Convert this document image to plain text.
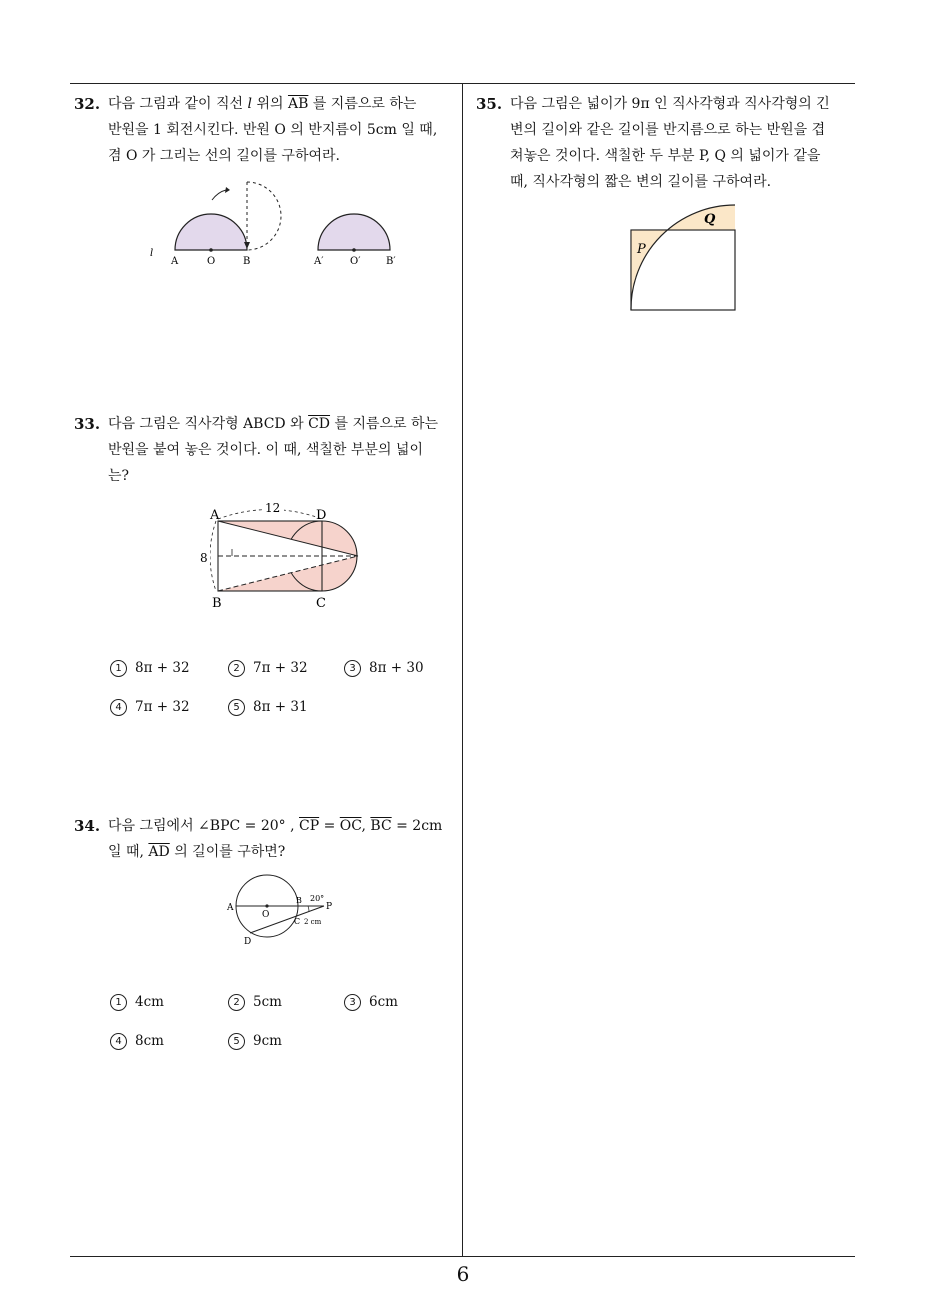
32. 다음 그림과 같이 직선 l 위의 $\overline{AB}$ 를 지름으로 하는
반원을 1 회전시킨다. 반원 O 의 반지름이 5cm 일 때,
겸 O 가 그리는 선의 길이를 구하여라.
l
A	O	B	A′	O′	B′
33. 다음 그림은 직사각형 ABCD 와 $\overline{CD}$ 를 지름으로 하는
반원을 붙여 놓은 것이다. 이 때, 색칠한 부분의 넓이
는?
12
8
A	D
B	C
1 8π + 32	2 7π + 32	3 8π + 30
4 7π + 32	5 8π + 31
34. 다음 그림에서 ∠BPC = 20° , $\overline{CP} = \overline{OC}$, $\overline{BC} = 2cm$
일 때, $\overline{AD}$ 의 길이를 구하면?
A
O
B 20°
P
C 2 cm
D
1 4cm	2 5cm	3 6cm
4 8cm	5 9cm
35. 다음 그림은 넓이가 9π 인 직사각형과 직사각형의 긴
변의 길이와 같은 길이를 반지름으로 하는 반원을 겹
쳐놓은 것이다. 색칠한 두 부분 P, Q 의 넓이가 같을
때, 직사각형의 짧은 변의 길이를 구하여라.
P
Q
6
